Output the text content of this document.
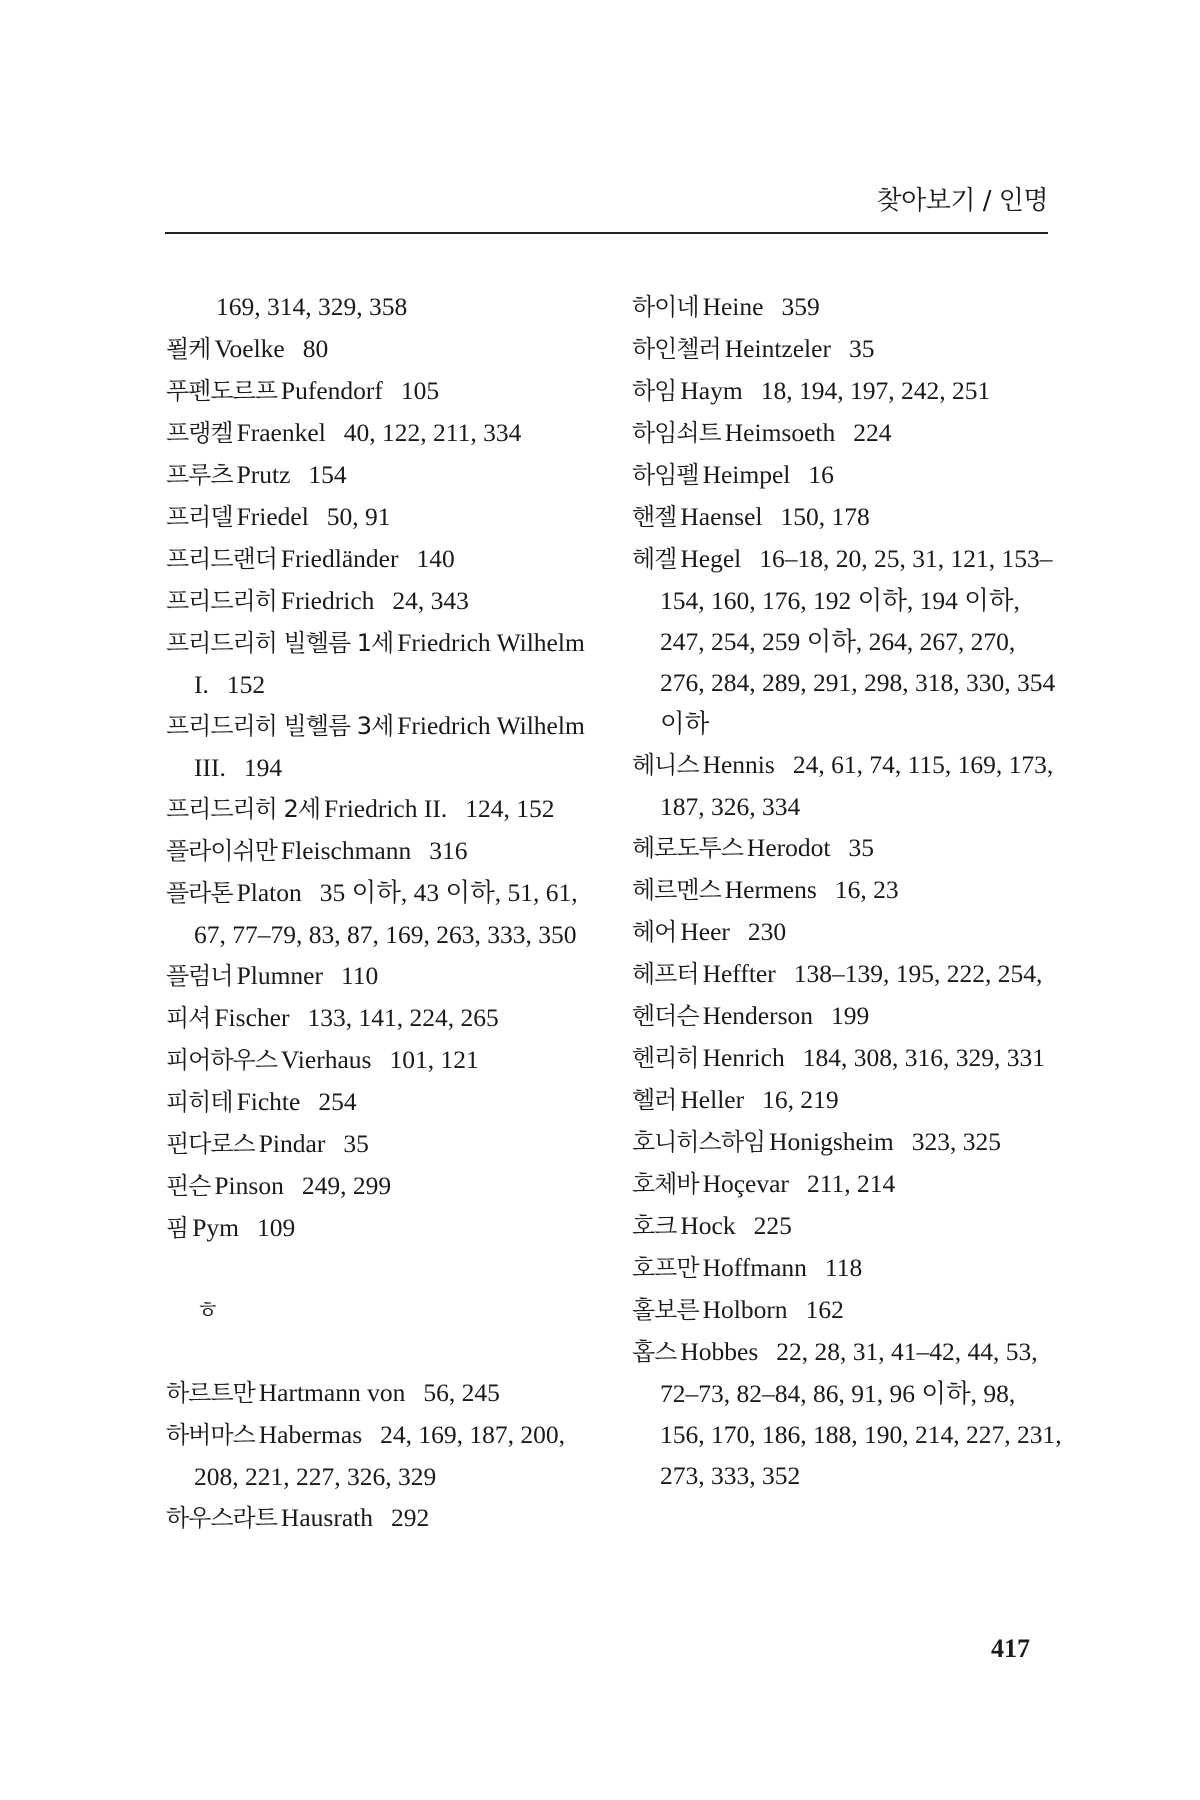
찾아보기 / 인명
169, 314, 329, 358
푈케 Voelke 80
푸펜도르프 Pufendorf 105
프랭켈 Fraenkel 40, 122, 211, 334
프루츠 Prutz 154
프리델 Friedel 50, 91
프리드랜더 Friedländer 140
프리드리히 Friedrich 24, 343
프리드리히 빌헬름 1세 Friedrich Wilhelm I. 152
프리드리히 빌헬름 3세 Friedrich Wilhelm III. 194
프리드리히 2세 Friedrich II. 124, 152
플라이쉬만 Fleischmann 316
플라톤 Platon 35 이하, 43 이하, 51, 61, 67, 77–79, 83, 87, 169, 263, 333, 350
플럼너 Plumner 110
피셔 Fischer 133, 141, 224, 265
피어하우스 Vierhaus 101, 121
피히테 Fichte 254
핀다로스 Pindar 35
핀슨 Pinson 249, 299
핌 Pym 109
ㅎ
하르트만 Hartmann von 56, 245
하버마스 Habermas 24, 169, 187, 200, 208, 221, 227, 326, 329
하우스라트 Hausrath 292
하이네 Heine 359
하인첼러 Heintzeler 35
하임 Haym 18, 194, 197, 242, 251
하임쇠트 Heimsoeth 224
하임펠 Heimpel 16
핸젤 Haensel 150, 178
헤겔 Hegel 16–18, 20, 25, 31, 121, 153–154, 160, 176, 192 이하, 194 이하, 247, 254, 259 이하, 264, 267, 270, 276, 284, 289, 291, 298, 318, 330, 354 이하
헤니스 Hennis 24, 61, 74, 115, 169, 173, 187, 326, 334
헤로도투스 Herodot 35
헤르멘스 Hermens 16, 23
헤어 Heer 230
헤프터 Heffter 138–139, 195, 222, 254,
헨더슨 Henderson 199
헨리히 Henrich 184, 308, 316, 329, 331
헬러 Heller 16, 219
호니히스하임 Honigsheim 323, 325
호체바 Hoçevar 211, 214
호크 Hock 225
호프만 Hoffmann 118
홀보른 Holborn 162
홉스 Hobbes 22, 28, 31, 41–42, 44, 53, 72–73, 82–84, 86, 91, 96 이하, 98, 156, 170, 186, 188, 190, 214, 227, 231, 273, 333, 352
417
